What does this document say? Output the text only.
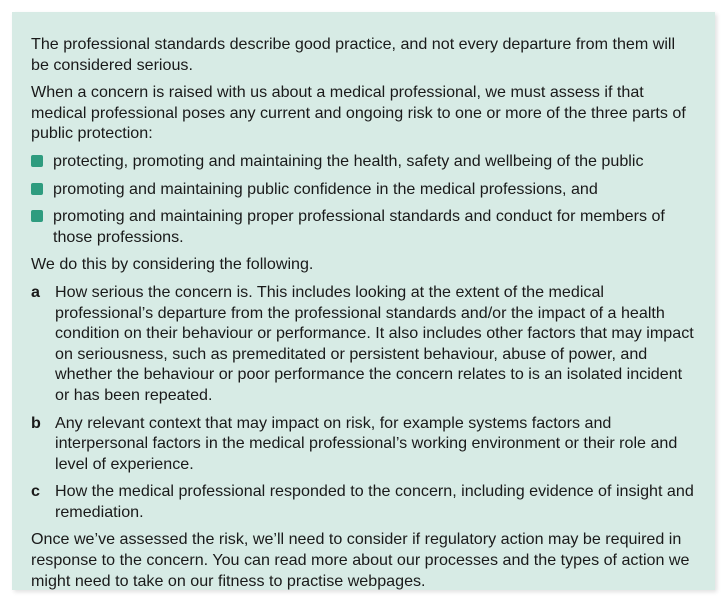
The professional standards describe good practice, and not every departure from them will be considered serious.

When a concern is raised with us about a medical professional, we must assess if that medical professional poses any current and ongoing risk to one or more of the three parts of public protection:

protecting, promoting and maintaining the health, safety and wellbeing of the public
promoting and maintaining public confidence in the medical professions, and
promoting and maintaining proper professional standards and conduct for members of those professions.

We do this by considering the following.

a How serious the concern is. This includes looking at the extent of the medical professional’s departure from the professional standards and/or the impact of a health condition on their behaviour or performance. It also includes other factors that may impact on seriousness, such as premeditated or persistent behaviour, abuse of power, and whether the behaviour or poor performance the concern relates to is an isolated incident or has been repeated.
b Any relevant context that may impact on risk, for example systems factors and interpersonal factors in the medical professional’s working environment or their role and level of experience.
c How the medical professional responded to the concern, including evidence of insight and remediation.

Once we’ve assessed the risk, we’ll need to consider if regulatory action may be required in response to the concern. You can read more about our processes and the types of action we might need to take on our fitness to practise webpages.
